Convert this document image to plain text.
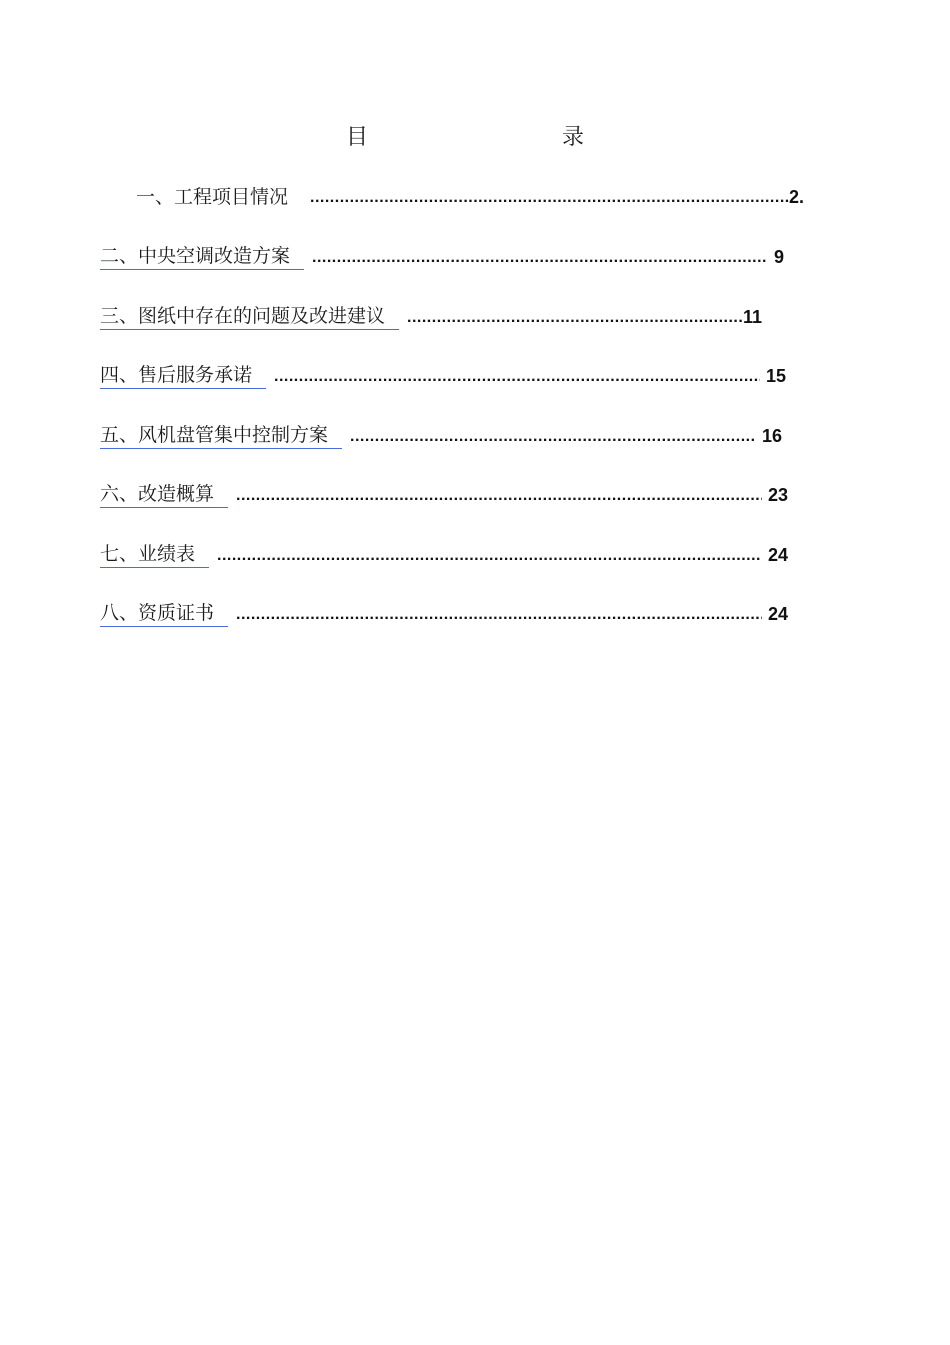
目　　录
一、工程项目情况 .....	2.
二、中央空调改造方案 .....	9
三、图纸中存在的问题及改进建议 .....	11
四、售后服务承诺 .....	15
五、风机盘管集中控制方案 .....	16
六、改造概算 .....	23
七、业绩表 .....	24
八、资质证书 .....	24
